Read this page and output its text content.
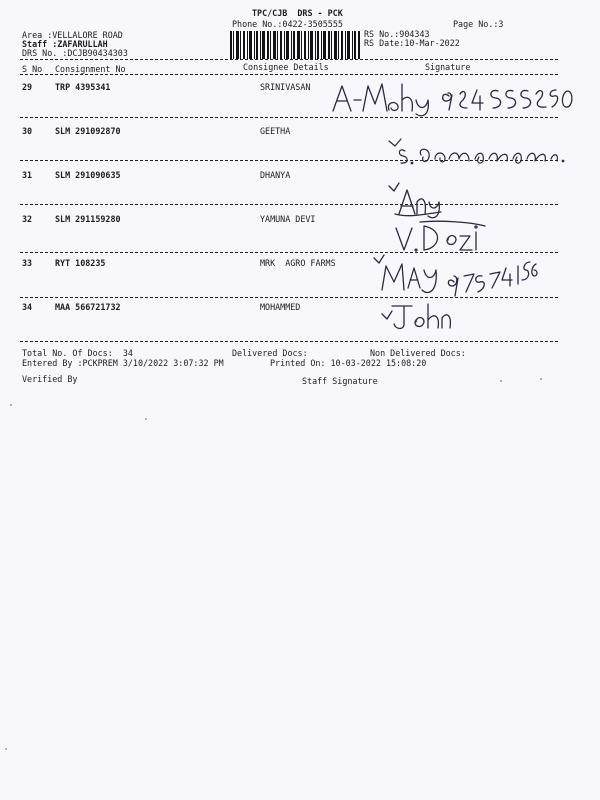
TPC/CJB  DRS - PCK
Phone No.:0422-3505555	Page No.:3
Area :VELLALORE ROAD
Staff :ZAFARULLAH
DRS No. :DCJB90434303
RS No.:904343
RS Date:10-Mar-2022
S No Consignment No	Consignee Details	Signature
29	TRP 4395341	SRINIVASAN
30	SLM 291092870	GEETHA
31	SLM 291090635	DHANYA
32	SLM 291159280	YAMUNA DEVI
33	RYT 108235	MRK  AGRO FARMS
34	MAA 566721732	MOHAMMED
Total No. Of Docs:  34	Delivered Docs:	Non Delivered Docs:
Entered By :PCKPREM 3/10/2022 3:07:32 PM	Printed On: 10-03-2022 15:08:20
Verified By	Staff Signature
